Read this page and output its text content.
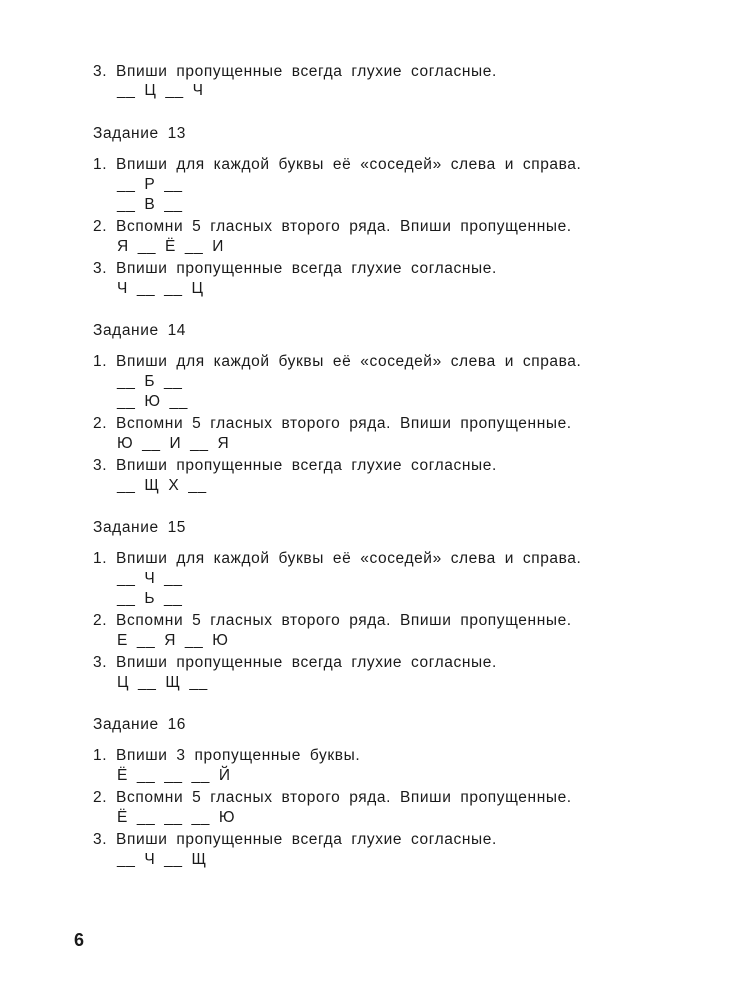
3. Впиши пропущенные всегда глухие согласные.
__ Ц __ Ч
Задание 13
1. Впиши для каждой буквы её «соседей» слева и справа.
__ Р __
__ В __
2. Вспомни 5 гласных второго ряда. Впиши пропущенные.
Я __ Ё __ И
3. Впиши пропущенные всегда глухие согласные.
Ч __ __ Ц
Задание 14
1. Впиши для каждой буквы её «соседей» слева и справа.
__ Б __
__ Ю __
2. Вспомни 5 гласных второго ряда. Впиши пропущенные.
Ю __ И __ Я
3. Впиши пропущенные всегда глухие согласные.
__ Щ Х __
Задание 15
1. Впиши для каждой буквы её «соседей» слева и справа.
__ Ч __
__ Ь __
2. Вспомни 5 гласных второго ряда. Впиши пропущенные.
Е __ Я __ Ю
3. Впиши пропущенные всегда глухие согласные.
Ц __ Щ __
Задание 16
1. Впиши 3 пропущенные буквы.
Ё __ __ __ Й
2. Вспомни 5 гласных второго ряда. Впиши пропущенные.
Ё __ __ __ Ю
3. Впиши пропущенные всегда глухие согласные.
__ Ч __ Щ
6
